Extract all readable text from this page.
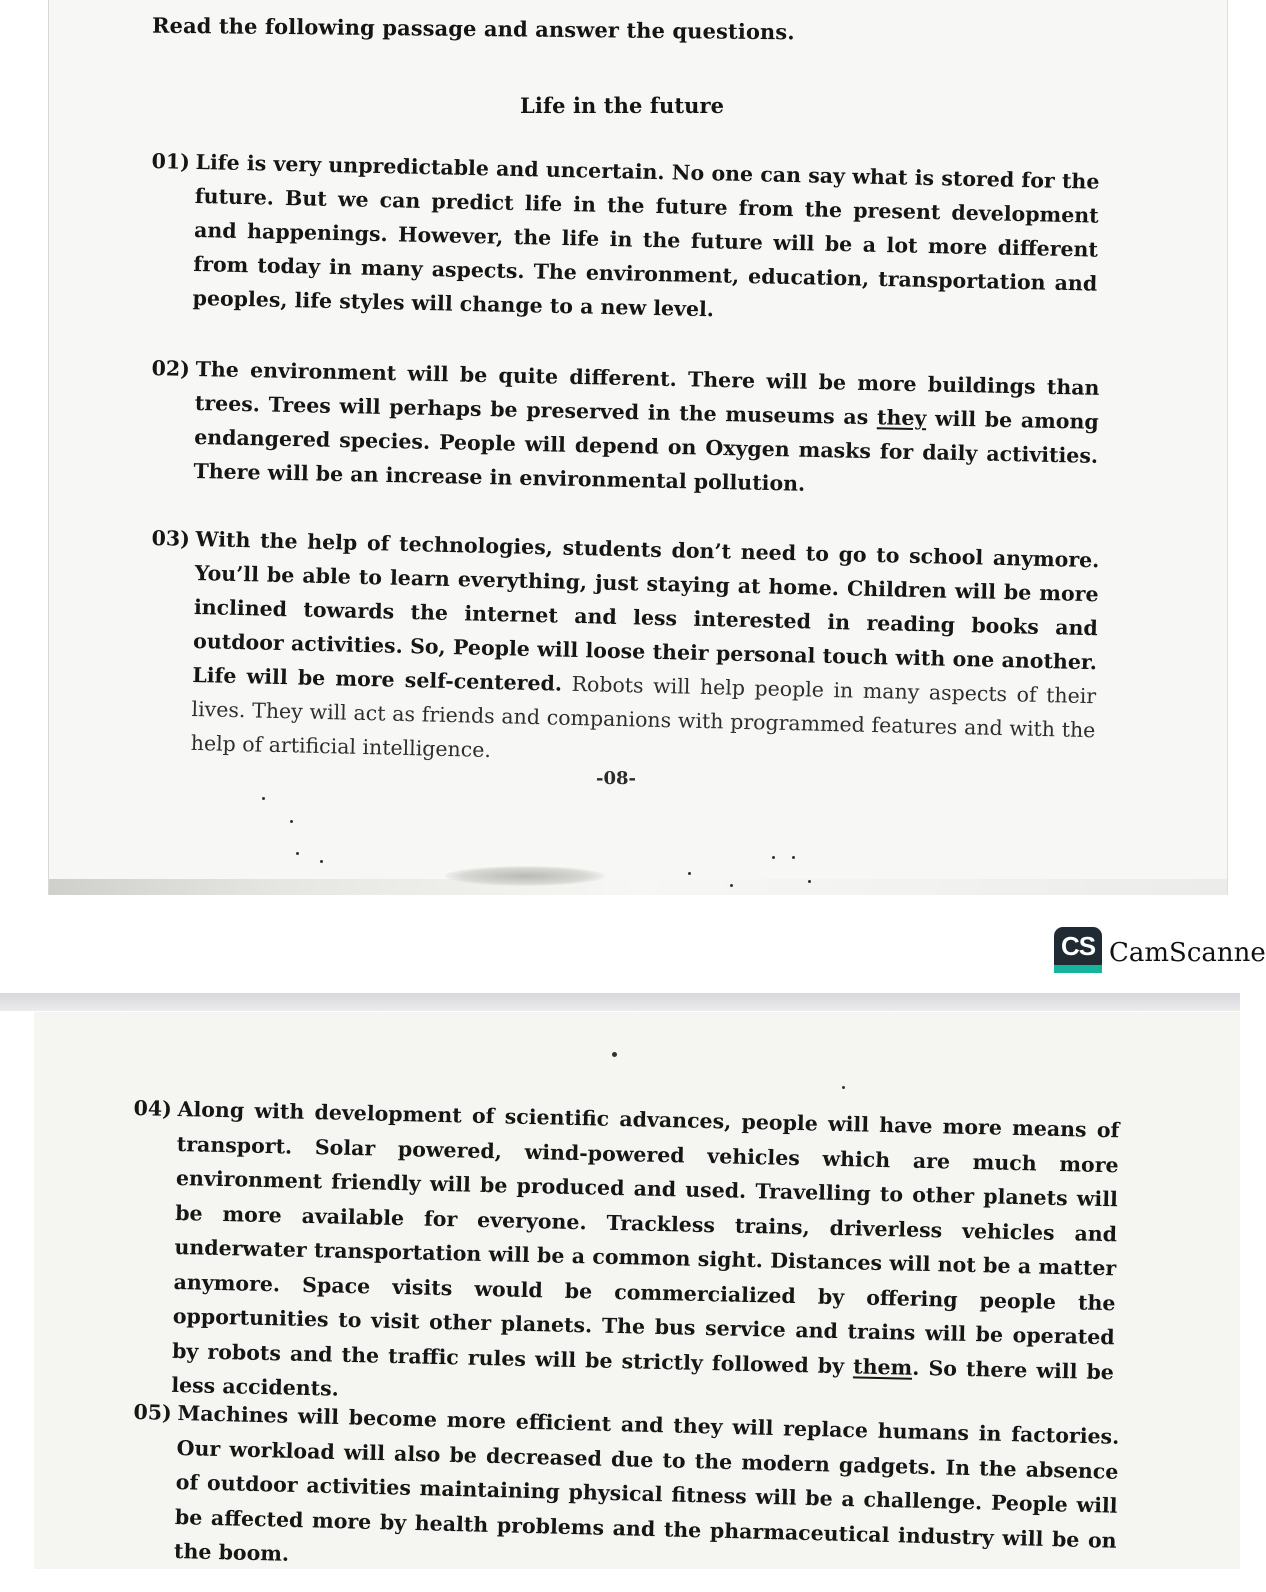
Read the following passage and answer the questions.
Life in the future
01) Life is very unpredictable and uncertain. No one can say what is stored for the future. But we can predict life in the future from the present development and happenings. However, the life in the future will be a lot more different from today in many aspects. The environment, education, transportation and peoples, life styles will change to a new level.
02) The environment will be quite different. There will be more buildings than trees. Trees will perhaps be preserved in the museums as they will be among endangered species. People will depend on Oxygen masks for daily activities. There will be an increase in environmental pollution.
03) With the help of technologies, students don’t need to go to school anymore. You’ll be able to learn everything, just staying at home. Children will be more inclined towards the internet and less interested in reading books and outdoor activities. So, People will loose their personal touch with one another. Life will be more self-centered. Robots will help people in many aspects of their lives. They will act as friends and companions with programmed features and with the help of artificial intelligence.
-08-
CS CamScanne
04) Along with development of scientific advances, people will have more means of transport. Solar powered, wind-powered vehicles which are much more environment friendly will be produced and used. Travelling to other planets will be more available for everyone. Trackless trains, driverless vehicles and underwater transportation will be a common sight. Distances will not be a matter anymore. Space visits would be commercialized by offering people the opportunities to visit other planets. The bus service and trains will be operated by robots and the traffic rules will be strictly followed by them. So there will be less accidents.
05) Machines will become more efficient and they will replace humans in factories. Our workload will also be decreased due to the modern gadgets. In the absence of outdoor activities maintaining physical fitness will be a challenge. People will be affected more by health problems and the pharmaceutical industry will be on the boom.
